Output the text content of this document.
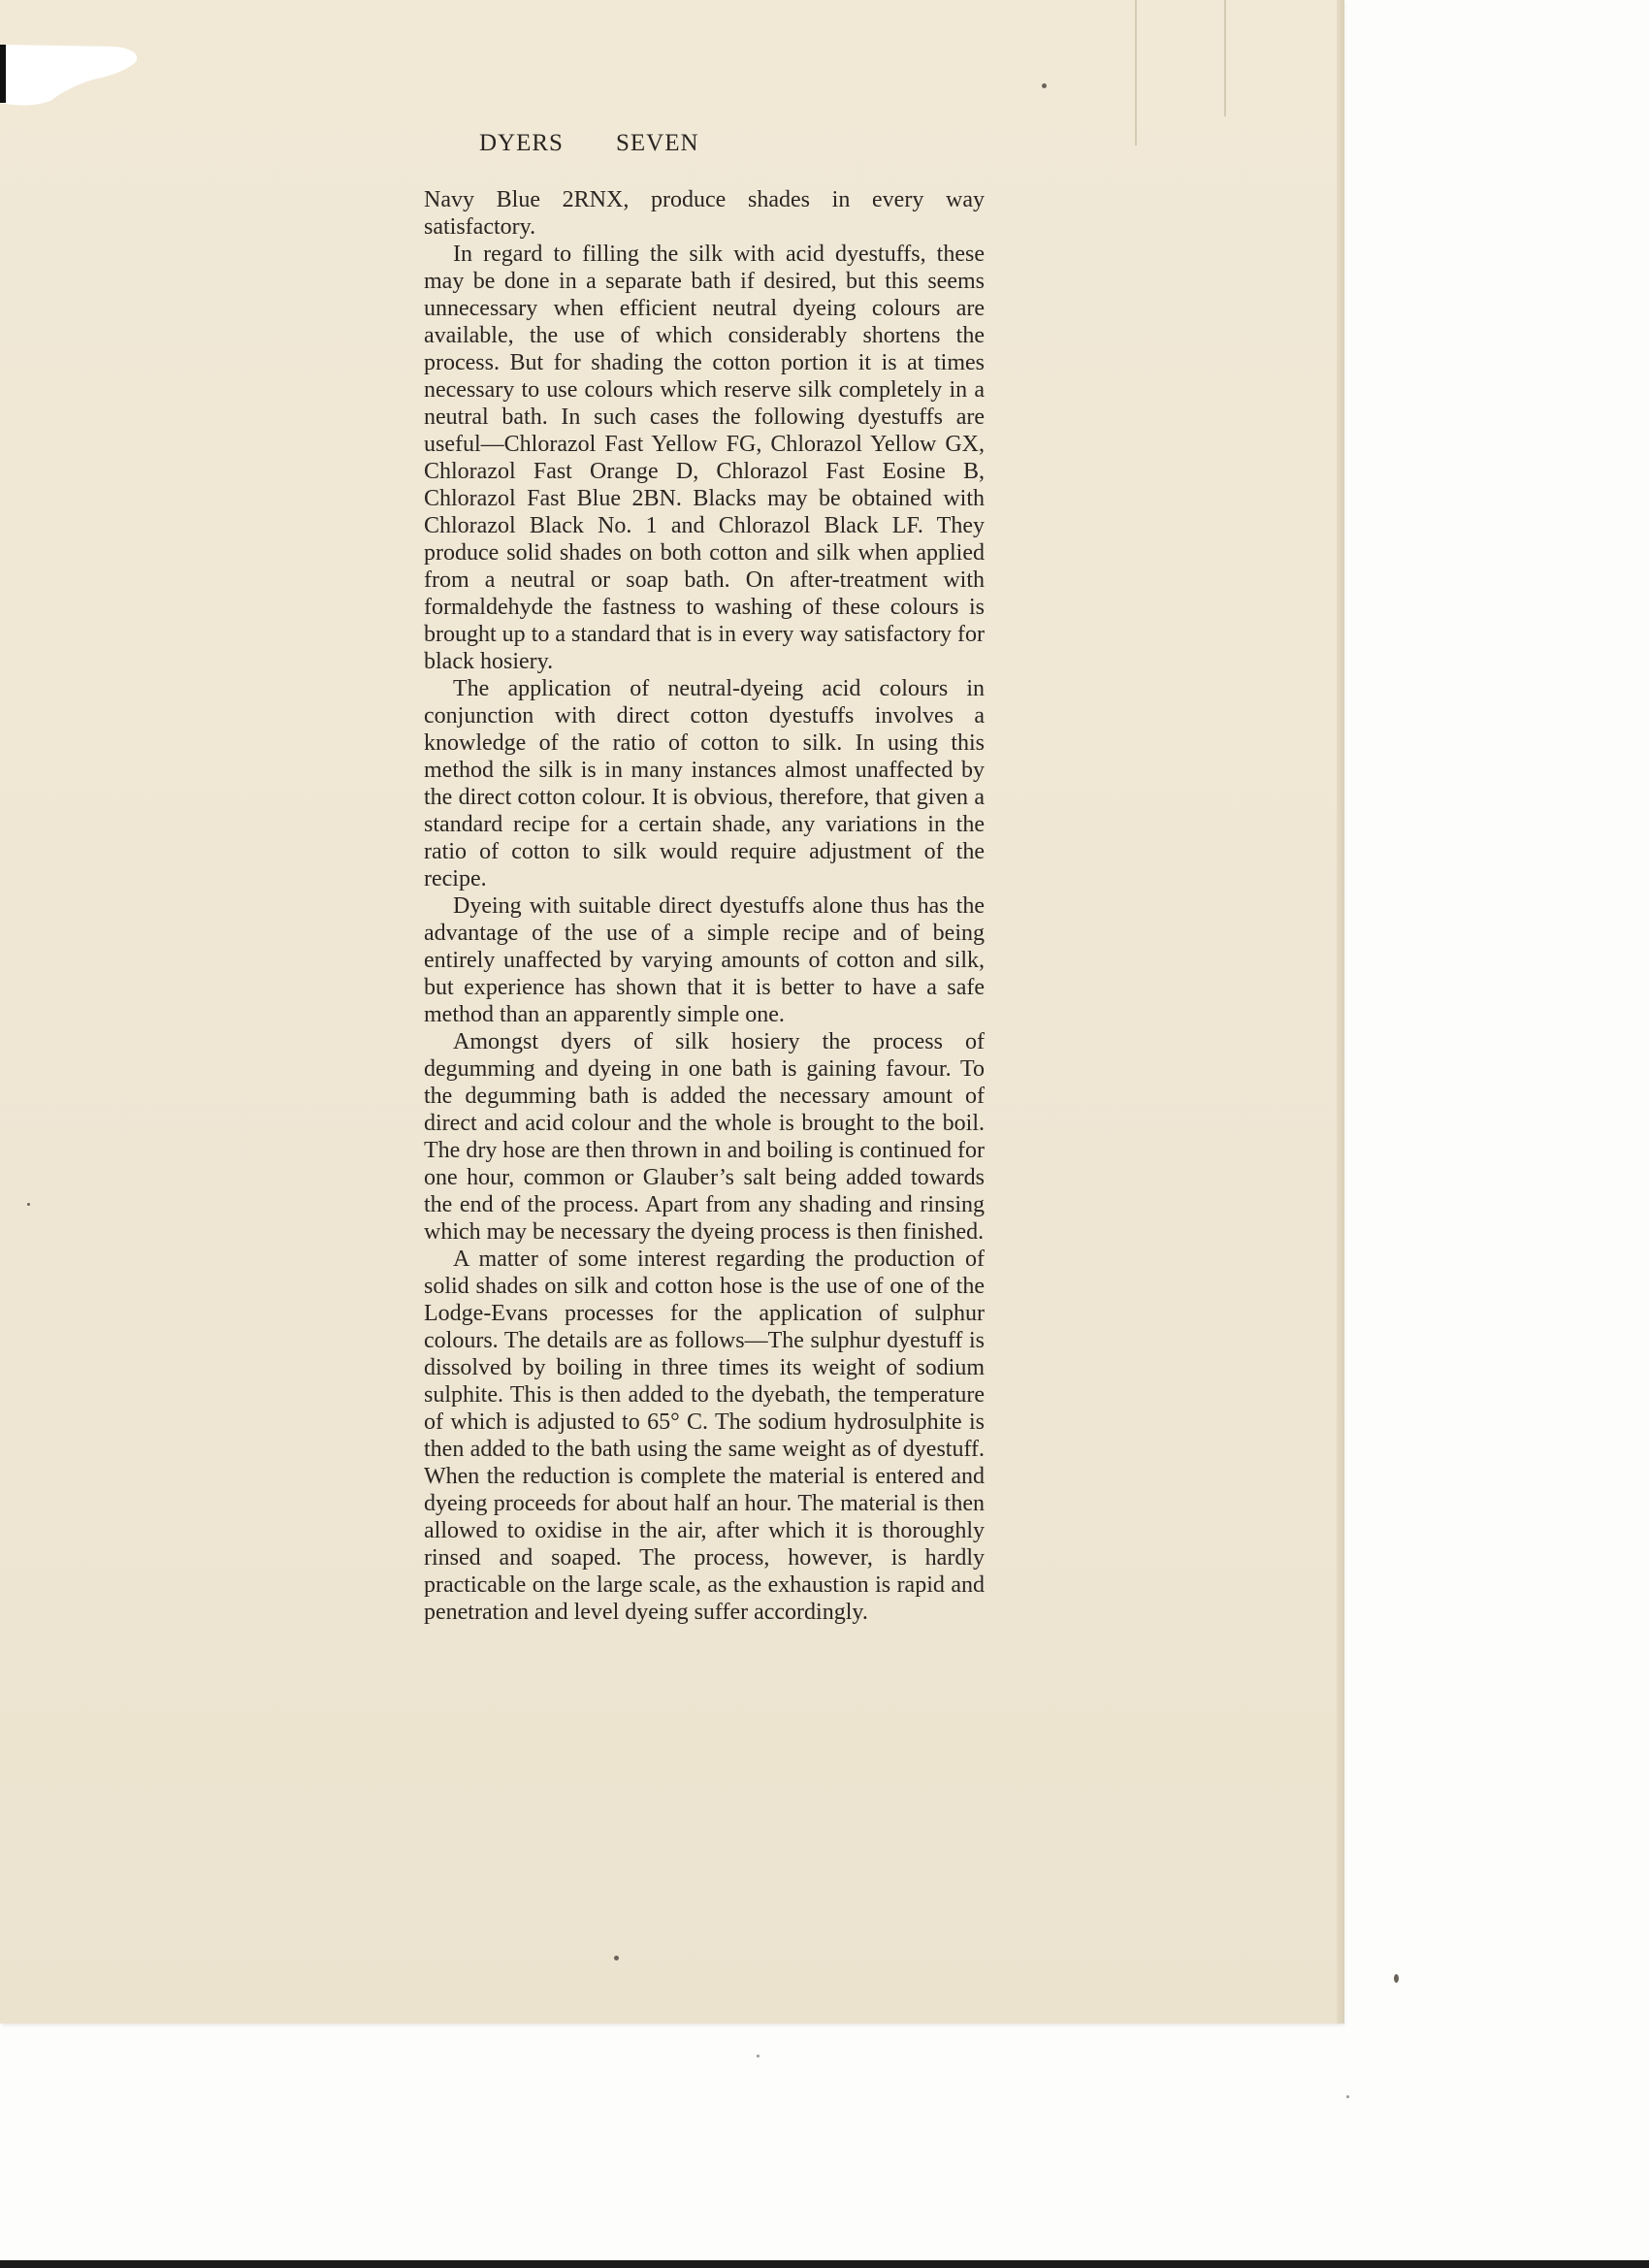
DYERS SEVEN

Navy Blue 2RNX, produce shades in every way satisfactory.

In regard to filling the silk with acid dyestuffs, these may be done in a separate bath if desired, but this seems unnecessary when efficient neutral dyeing colours are available, the use of which considerably shortens the process. But for shading the cotton portion it is at times necessary to use colours which reserve silk completely in a neutral bath. In such cases the following dyestuffs are useful—Chlorazol Fast Yellow FG, Chlorazol Yellow GX, Chlorazol Fast Orange D, Chlorazol Fast Eosine B, Chlorazol Fast Blue 2BN. Blacks may be obtained with Chlorazol Black No. 1 and Chlorazol Black LF. They produce solid shades on both cotton and silk when applied from a neutral or soap bath. On after-treatment with formaldehyde the fastness to washing of these colours is brought up to a standard that is in every way satisfactory for black hosiery.

The application of neutral-dyeing acid colours in conjunction with direct cotton dyestuffs involves a knowledge of the ratio of cotton to silk. In using this method the silk is in many instances almost unaffected by the direct cotton colour. It is obvious, therefore, that given a standard recipe for a certain shade, any variations in the ratio of cotton to silk would require adjustment of the recipe.

Dyeing with suitable direct dyestuffs alone thus has the advantage of the use of a simple recipe and of being entirely unaffected by varying amounts of cotton and silk, but experience has shown that it is better to have a safe method than an apparently simple one.

Amongst dyers of silk hosiery the process of degumming and dyeing in one bath is gaining favour. To the degumming bath is added the necessary amount of direct and acid colour and the whole is brought to the boil. The dry hose are then thrown in and boiling is continued for one hour, common or Glauber’s salt being added towards the end of the process. Apart from any shading and rinsing which may be necessary the dyeing process is then finished.

A matter of some interest regarding the production of solid shades on silk and cotton hose is the use of one of the Lodge-Evans processes for the application of sulphur colours. The details are as follows—The sulphur dyestuff is dissolved by boiling in three times its weight of sodium sulphite. This is then added to the dyebath, the temperature of which is adjusted to 65° C. The sodium hydrosulphite is then added to the bath using the same weight as of dyestuff. When the reduction is complete the material is entered and dyeing proceeds for about half an hour. The material is then allowed to oxidise in the air, after which it is thoroughly rinsed and soaped. The process, however, is hardly practicable on the large scale, as the exhaustion is rapid and penetration and level dyeing suffer accordingly.
